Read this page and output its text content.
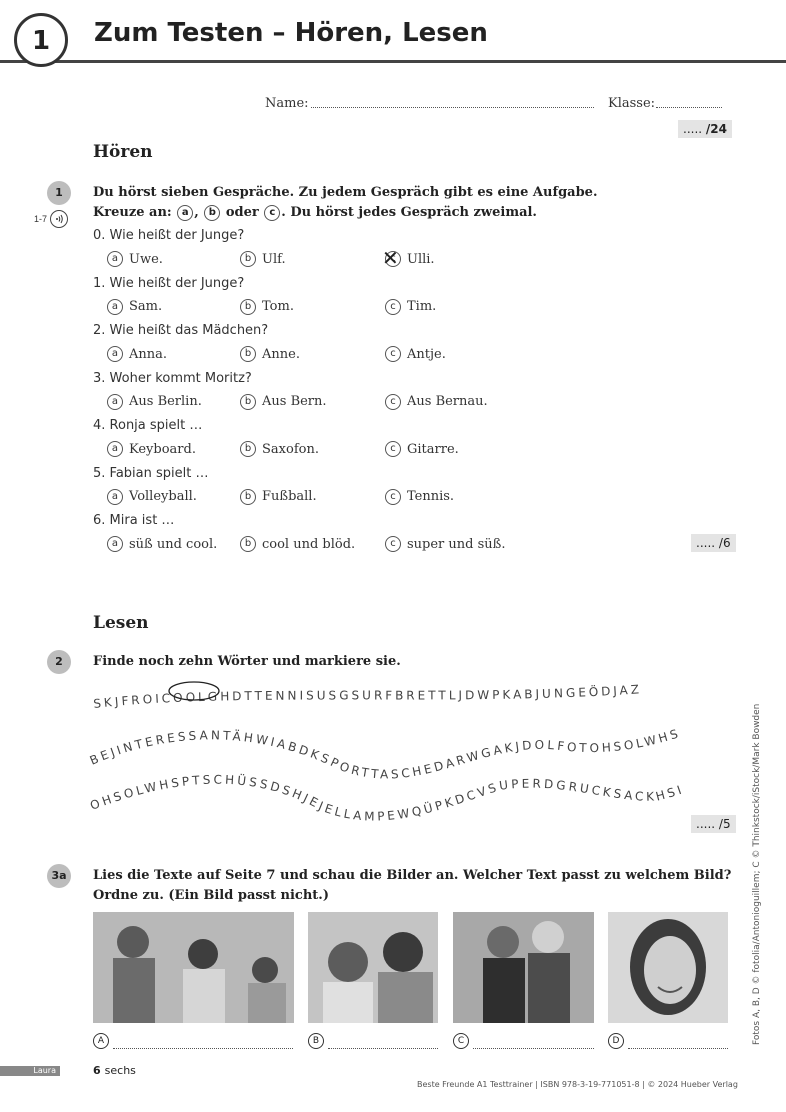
1	Zum Testen – Hören, Lesen
Name:	Klasse:
..... /24
Hören
1
1-7
Du hörst sieben Gespräche. Zu jedem Gespräch gibt es eine Aufgabe.
Kreuze an: a , b oder c . Du hörst jedes Gespräch zweimal.
0. Wie heißt der Junge?
a Uwe.	b Ulf.	c ✕ Ulli.
1. Wie heißt der Junge?
a Sam.	b Tom.	c Tim.
2. Wie heißt das Mädchen?
a Anna.	b Anne.	c Antje.
3. Woher kommt Moritz?
a Aus Berlin.	b Aus Bern.	c Aus Bernau.
4. Ronja spielt …
a Keyboard.	b Saxofon.	c Gitarre.
5. Fabian spielt …
a Volleyball.	b Fußball.	c Tennis.
6. Mira ist …
a süß und cool.	b cool und blöd.	c super und süß.	..... /6
Lesen
2	Finde noch zehn Wörter und markiere sie.
SKJFROICOOLGHDTTENNISUSGSURFBRETTLJDWPKABJUNGEÖDJAZ
BEJINTERESSANTÄHWIABDKSPORTTASCHEDARWGAKJDOLFOTOHSOLWHS
OHSOLWHSPTSCHÜSSDSHJEJELLAMPEWQÜPKDCVSUPERDGRUCKSACKHSI
..... /5
3a	Lies die Texte auf Seite 7 und schau die Bilder an. Welcher Text passt zu welchem Bild?
Ordne zu. (Ein Bild passt nicht.)
A	B	C	D	Fotos A, B, D © fotolia/Antonioguillem; C © Thinkstock/iStock/Mark Bowden
Laura	6 sechs
Beste Freunde A1 Testtrainer | ISBN 978-3-19-771051-8 | © 2024 Hueber Verlag
